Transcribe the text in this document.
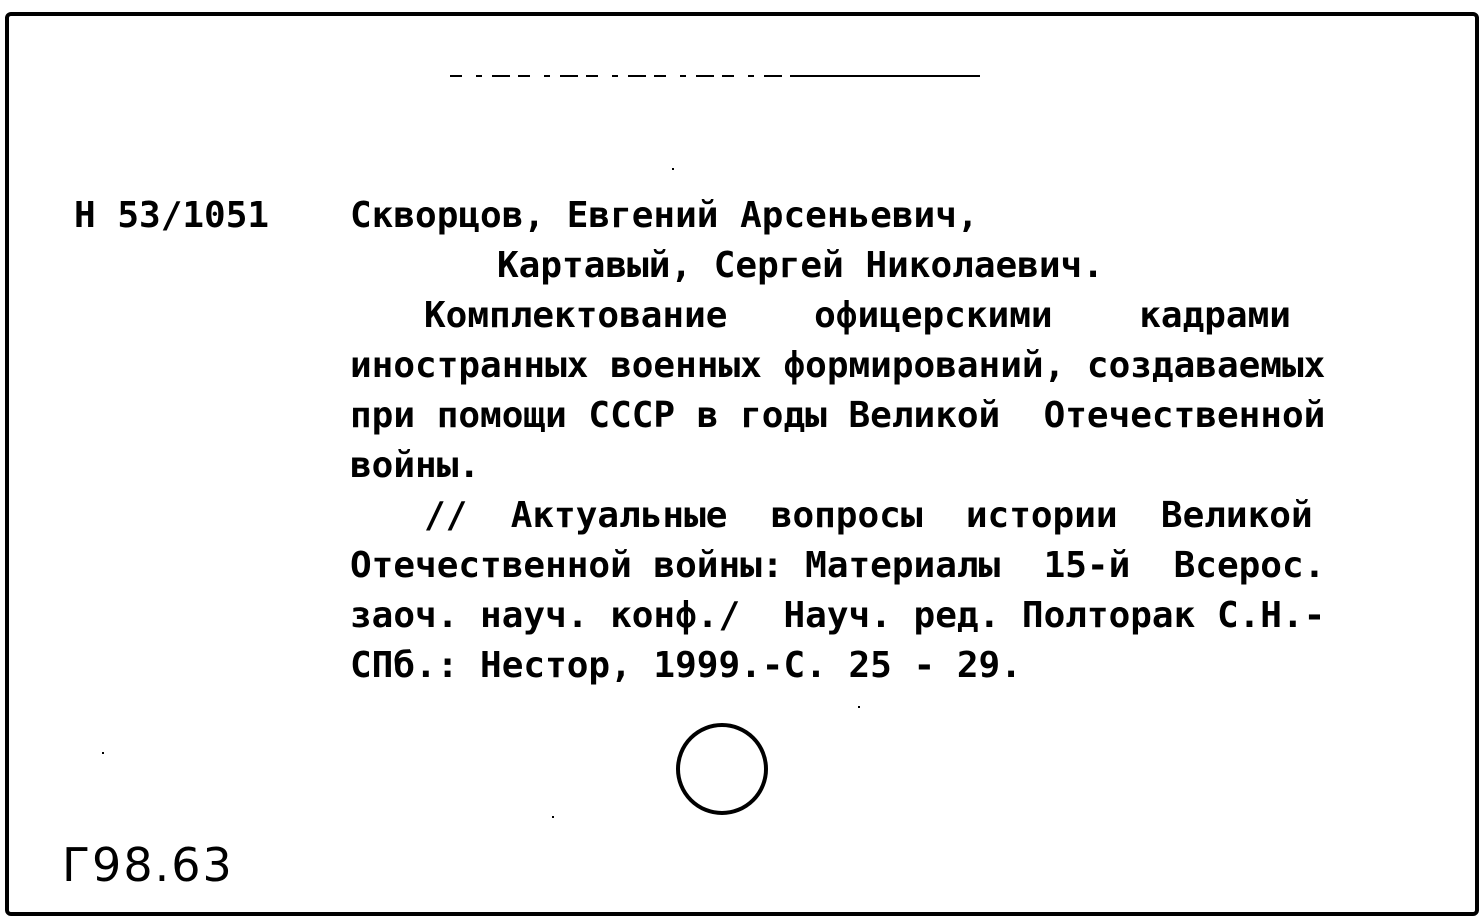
Н 53/1051 Скворцов, Евгений Арсеньевич,
Картавый, Сергей Николаевич.
Комплектование    офицерскими    кадрами
иностранных военных формирований, создаваемых
при помощи СССР в годы Великой  Отечественной
войны.
//  Актуальные  вопросы  истории  Великой
Отечественной войны: Материалы  15-й  Всерос.
заоч. науч. конф./  Науч. ред. Полторак С.Н.-
СПб.: Нестор, 1999.-С. 25 - 29.
Г98.63
